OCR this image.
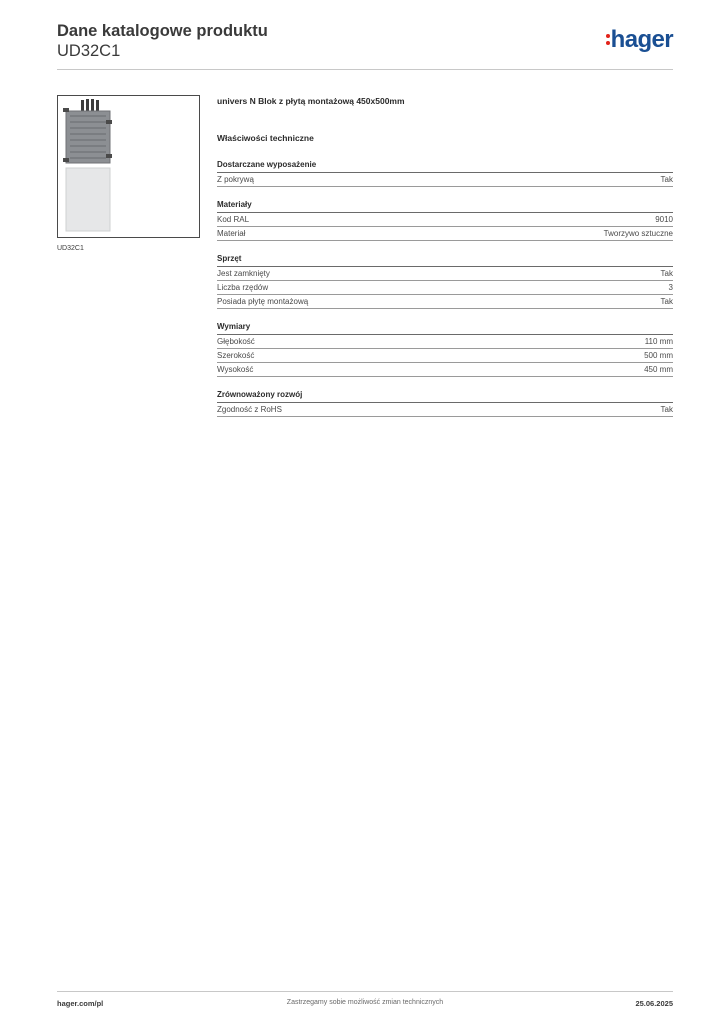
Dane katalogowe produktu

UD32C1	hager
UD32C1

univers N Blok z płytą montażową 450x500mm

Właściwości techniczne
Dostarczane wyposażenie
Z pokrywą	Tak
Materiały
Kod RAL	9010
Materiał	Tworzywo sztuczne
Sprzęt
Jest zamknięty	Tak
Liczba rzędów	3
Posiada płytę montażową	Tak
Wymiary
Głębokość	110 mm
Szerokość	500 mm
Wysokość	450 mm
Zrównoważony rozwój
Zgodność z RoHS	Tak
hager.com/pl	Zastrzegamy sobie możliwość zmian technicznych	25.06.2025
